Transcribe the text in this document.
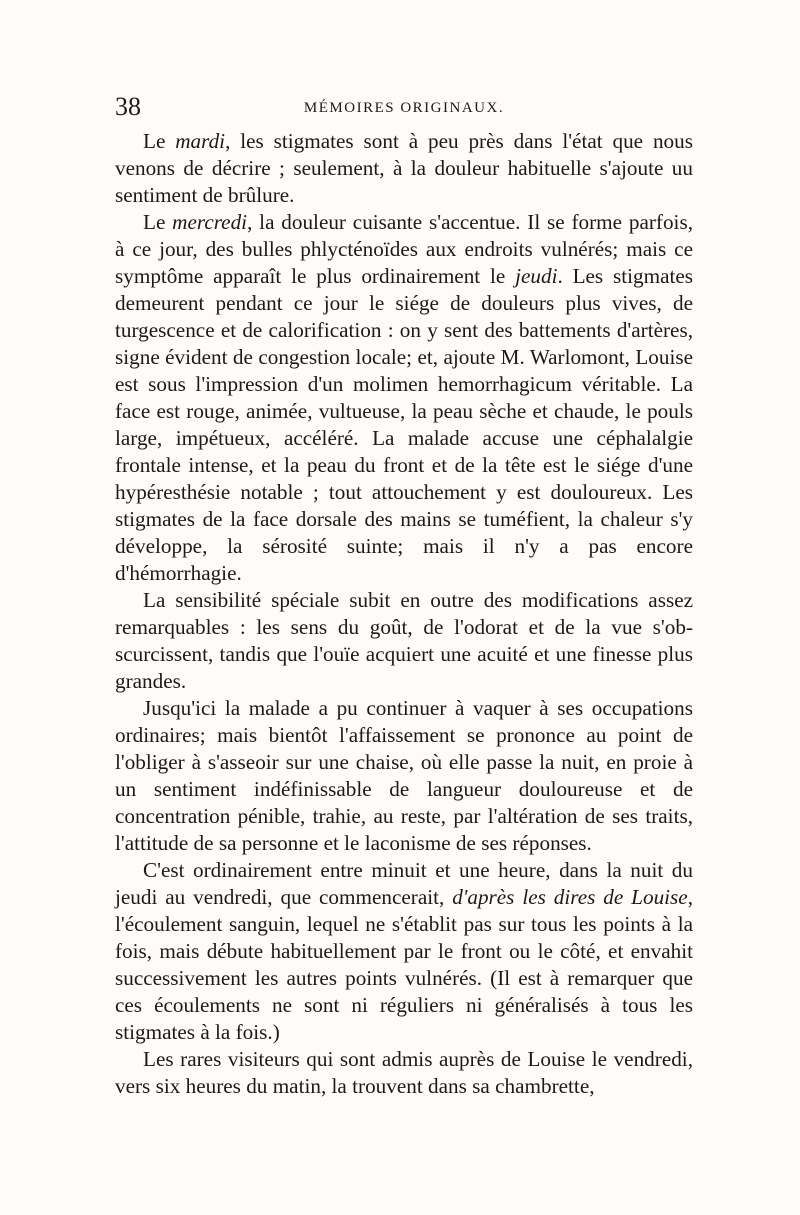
38	MÉMOIRES ORIGINAUX.

Le mardi, les stigmates sont à peu près dans l'état que nous venons de décrire ; seulement, à la douleur habituelle s'ajoute uu sentiment de brûlure.

Le mercredi, la douleur cuisante s'accentue. Il se forme parfois, à ce jour, des bulles phlycténoïdes aux endroits vulnérés; mais ce symptôme apparaît le plus ordinairement le jeudi. Les stigmates demeurent pendant ce jour le siége de douleurs plus vives, de turgescence et de calorification : on y sent des battements d'artères, signe évident de congestion locale; et, ajoute M. Warlomont, Louise est sous l'impression d'un molimen hemorrhagicum véritable. La face est rouge, animée, vultueuse, la peau sèche et chaude, le pouls large, impétueux, accéléré. La malade accuse une céphalalgie frontale intense, et la peau du front et de la tête est le siége d'une hypéresthésie notable ; tout attouchement y est douloureux. Les stigmates de la face dorsale des mains se tuméfient, la chaleur s'y développe, la sérosité suinte; mais il n'y a pas encore d'hémorrhagie.

La sensibilité spéciale subit en outre des modifications assez remarquables : les sens du goût, de l'odorat et de la vue s'obscurcissent, tandis que l'ouïe acquiert une acuité et une finesse plus grandes.

Jusqu'ici la malade a pu continuer à vaquer à ses occupations ordinaires; mais bientôt l'affaissement se prononce au point de l'obliger à s'asseoir sur une chaise, où elle passe la nuit, en proie à un sentiment indéfinissable de langueur douloureuse et de concentration pénible, trahie, au reste, par l'altération de ses traits, l'attitude de sa personne et le laconisme de ses réponses.

C'est ordinairement entre minuit et une heure, dans la nuit du jeudi au vendredi, que commencerait, d'après les dires de Louise, l'écoulement sanguin, lequel ne s'établit pas sur tous les points à la fois, mais débute habituellement par le front ou le côté, et envahit successivement les autres points vulnérés. (Il est à remarquer que ces écoulements ne sont ni réguliers ni généralisés à tous les stigmates à la fois.)

Les rares visiteurs qui sont admis auprès de Louise le vendredi, vers six heures du matin, la trouvent dans sa chambrette,
